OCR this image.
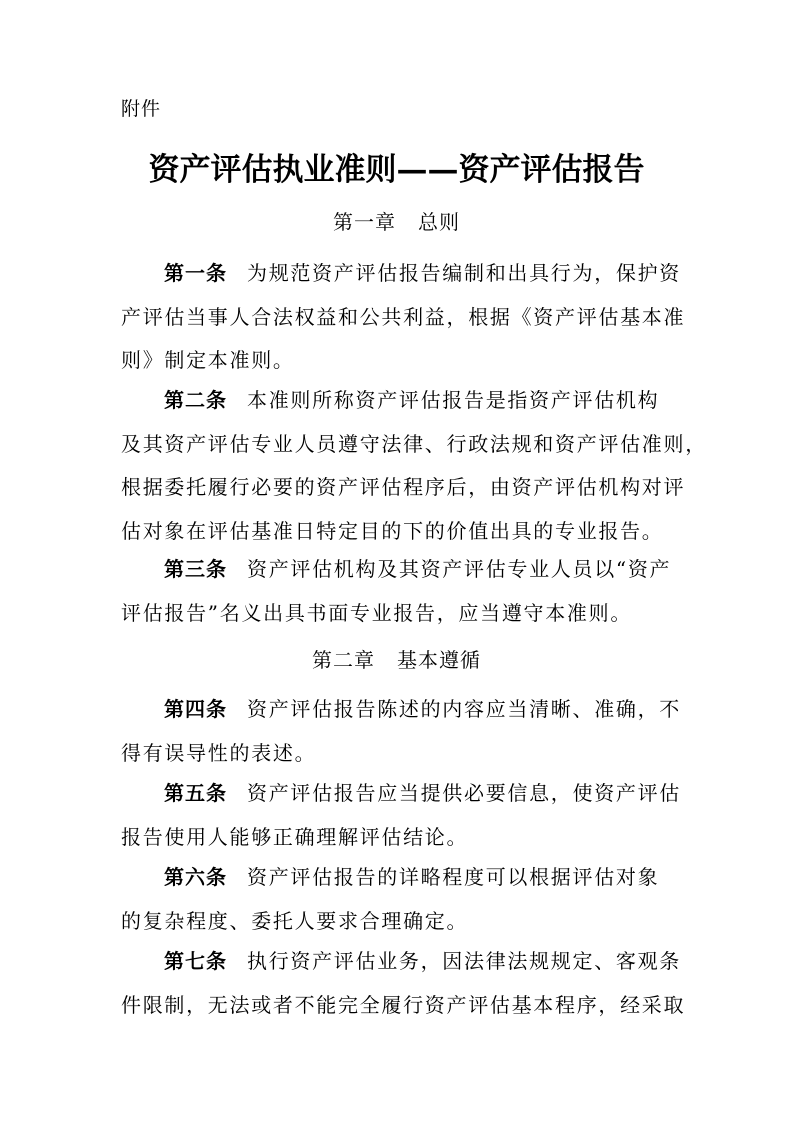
附件
资产评估执业准则——资产评估报告
第一章 总则
第一条 为规范资产评估报告编制和出具行为，保护资
产评估当事人合法权益和公共利益，根据《资产评估基本准
则》制定本准则。
第二条 本准则所称资产评估报告是指资产评估机构
及其资产评估专业人员遵守法律、行政法规和资产评估准则，
根据委托履行必要的资产评估程序后，由资产评估机构对评
估对象在评估基准日特定目的下的价值出具的专业报告。
第三条 资产评估机构及其资产评估专业人员以“资产
评估报告”名义出具书面专业报告，应当遵守本准则。
第二章 基本遵循
第四条 资产评估报告陈述的内容应当清晰、准确，不
得有误导性的表述。
第五条 资产评估报告应当提供必要信息，使资产评估
报告使用人能够正确理解评估结论。
第六条 资产评估报告的详略程度可以根据评估对象
的复杂程度、委托人要求合理确定。
第七条 执行资产评估业务，因法律法规规定、客观条
件限制，无法或者不能完全履行资产评估基本程序，经采取
